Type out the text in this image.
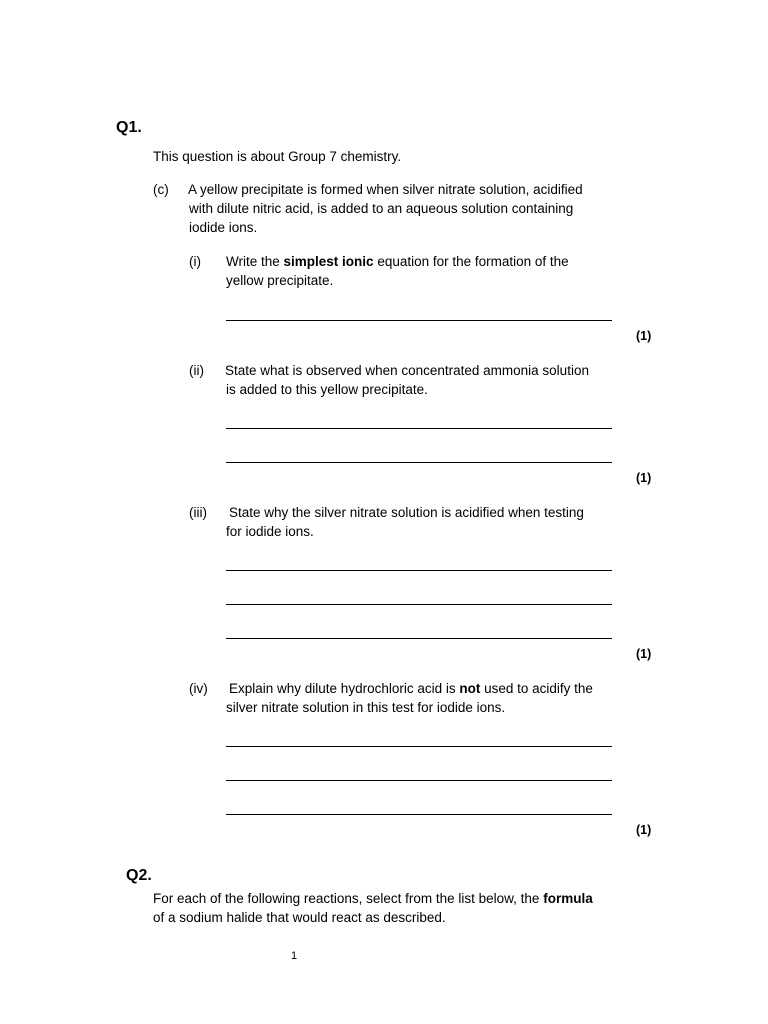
Q1.
This question is about Group 7 chemistry.
(c) A yellow precipitate is formed when silver nitrate solution, acidified
with dilute nitric acid, is added to an aqueous solution containing
iodide ions.
(i) Write the simplest ionic equation for the formation of the
yellow precipitate.
(1)
(ii) State what is observed when concentrated ammonia solution
is added to this yellow precipitate.
(1)
(iii) State why the silver nitrate solution is acidified when testing
for iodide ions.
(1)
(iv) Explain why dilute hydrochloric acid is not used to acidify the
silver nitrate solution in this test for iodide ions.
(1)
Q2.
For each of the following reactions, select from the list below, the formula
of a sodium halide that would react as described.
1
